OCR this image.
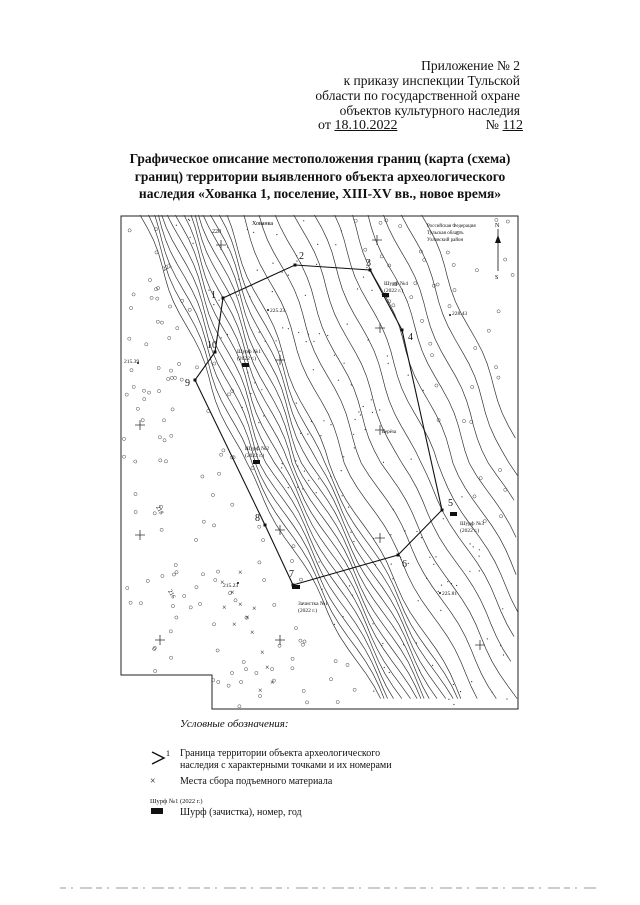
Приложение № 2
к приказу инспекции Тульской
области по государственной охране
объектов культурного наследия
от 18.10.2022	№ 112
Графическое описание местоположения границ (карта (схема)
границ) территории выявленного объекта археологического
наследия «Хованка 1, поселение, XIII-XV вв., новое время»
1
2
3
4
5
6
7
8
9
10
Шурф №1
(2022 г.)
Шурф №2
(2022 г.)
Шурф №3
(2022 г.)
Шурф №4
(2022 г.)
Зачистка №1
(2022 г.)
×
×
×
×
×
×
×
×
×
×
×
×
×
225.23	228.43
215.39
215.23
225.81
220
222
216
218
Хованка
Берёза
Российская Федерация
Тульская область
Узловский район
N
S
Условные обозначения:
1 Граница территории объекта археологического
наследия с характерными точками и их номерами
×	Места сбора подъемного материала
Шурф №1 (2022 г.)
Шурф (зачистка), номер, год
